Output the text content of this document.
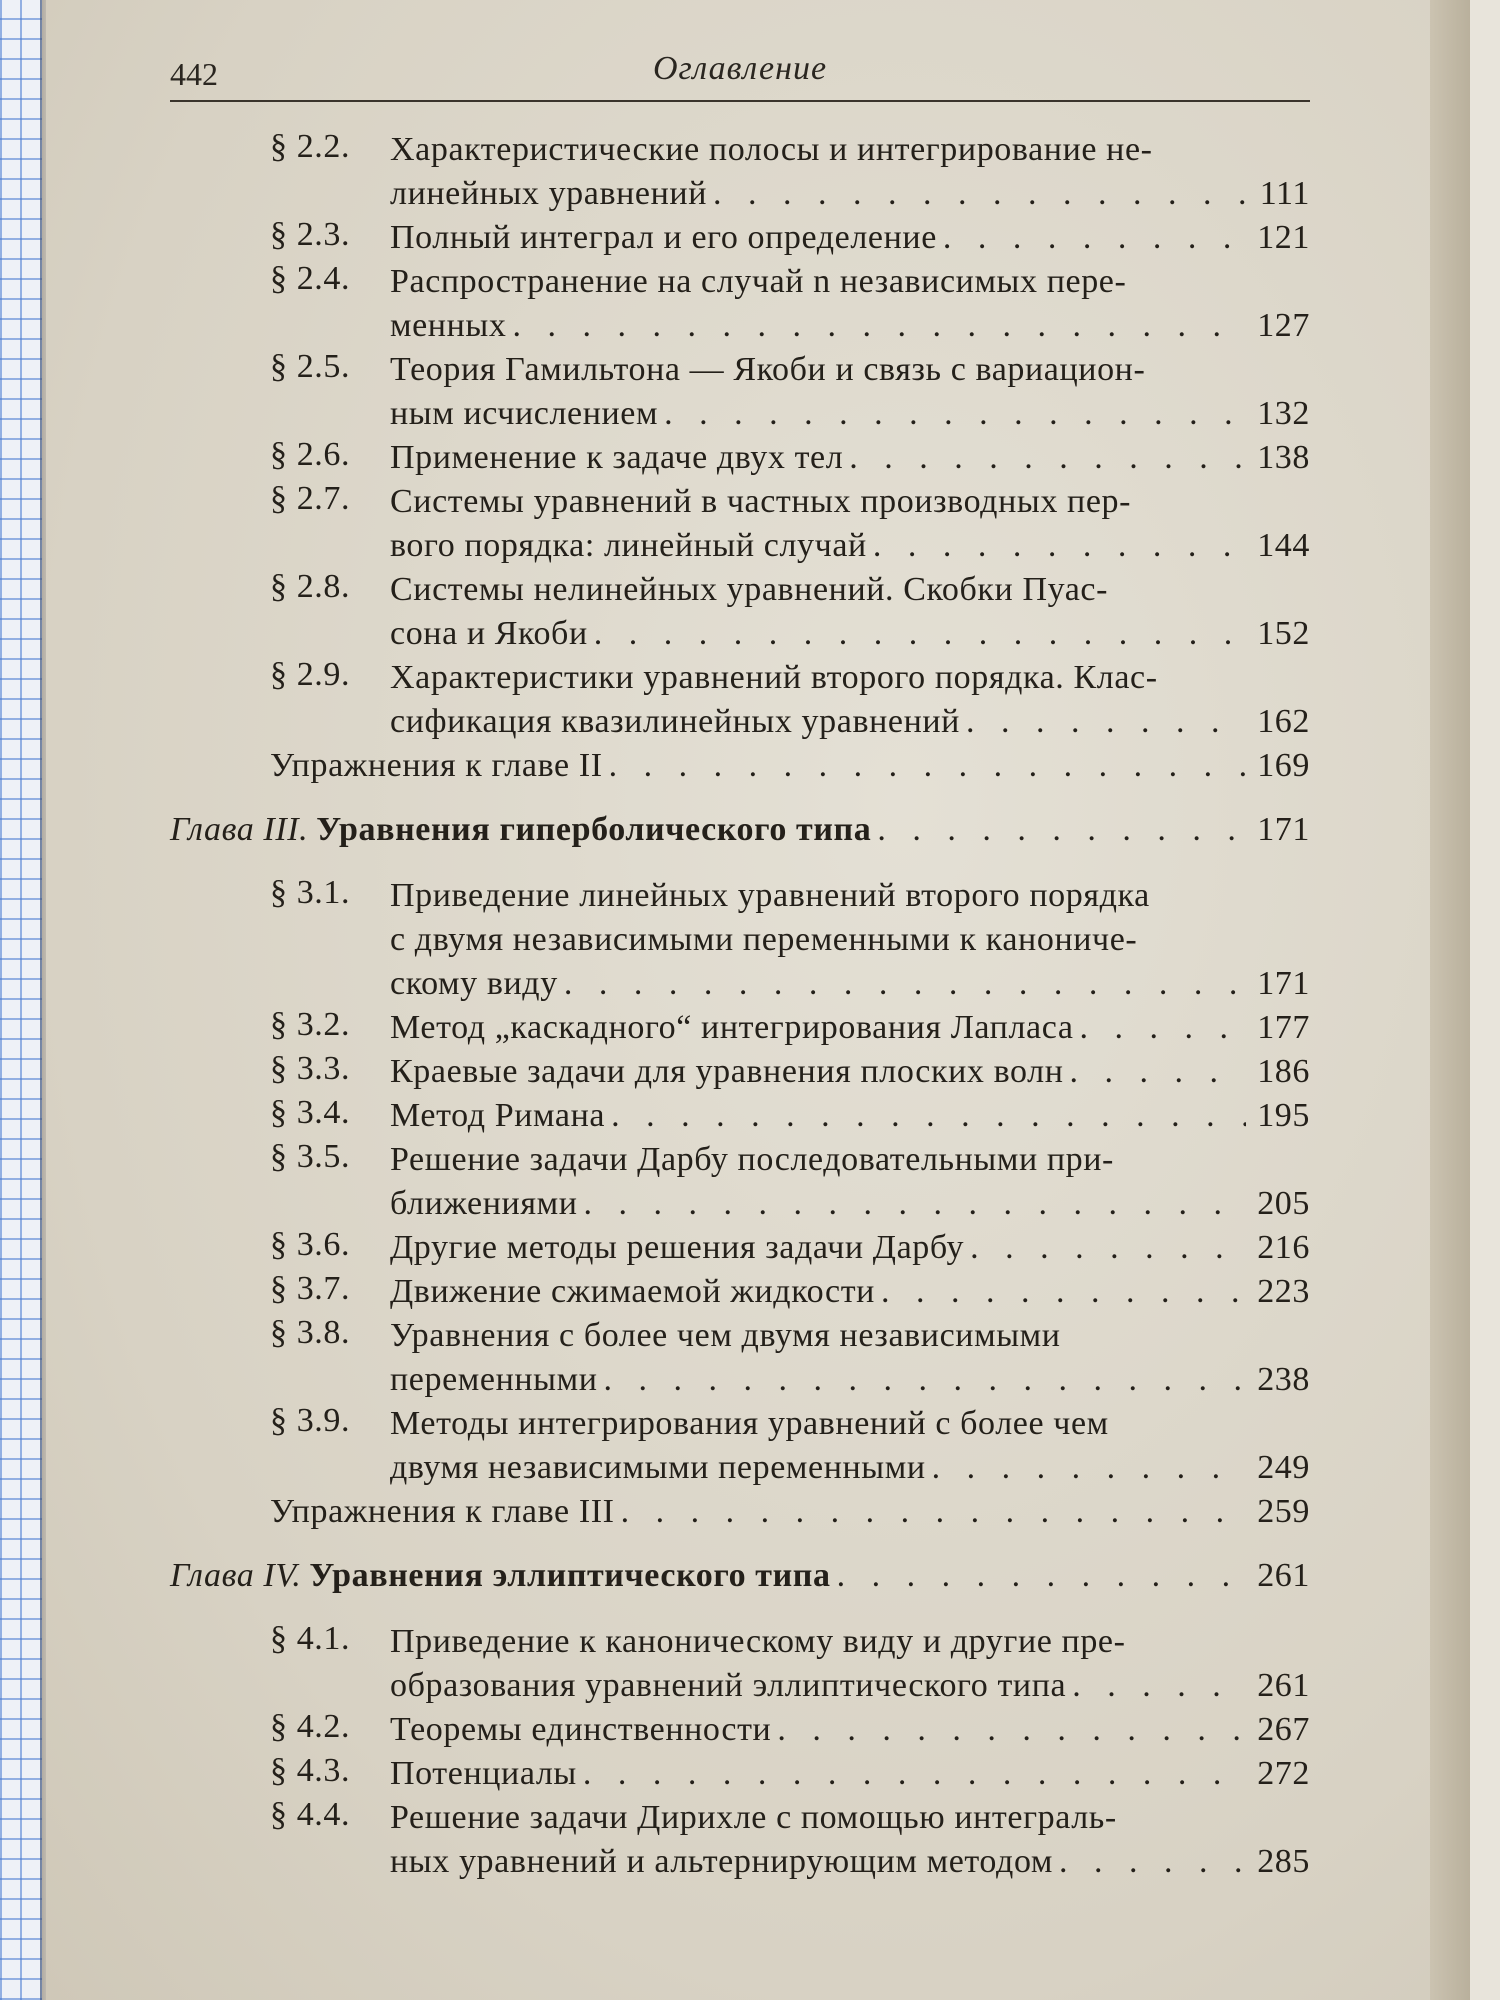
442	Оглавление
§ 2.2.	Характеристические полосы и интегрирование не-
линейных уравнений . . .	111
§ 2.3.	Полный интеграл и его определение . . .	121
§ 2.4.	Распространение на случай n независимых пере-
менных . . .	127
§ 2.5.	Теория Гамильтона — Якоби и связь с вариацион-
ным исчислением . . .	132
§ 2.6.	Применение к задаче двух тел . . .	138
§ 2.7.	Системы уравнений в частных производных пер-
вого порядка: линейный случай . . .	144
§ 2.8.	Системы нелинейных уравнений. Скобки Пуас-
сона и Якоби . . .	152
§ 2.9.	Характеристики уравнений второго порядка. Клас-
сификация квазилинейных уравнений . . .	162
Упражнения к главе II . . .	169
Глава III. Уравнения гиперболического типа . . .	171
§ 3.1.	Приведение линейных уравнений второго порядка
с двумя независимыми переменными к канониче-
скому виду . . .	171
§ 3.2.	Метод „каскадного“ интегрирования Лапласа . . .	177
§ 3.3.	Краевые задачи для уравнения плоских волн . . .	186
§ 3.4.	Метод Римана . . .	195
§ 3.5.	Решение задачи Дарбу последовательными при-
ближениями . . .	205
§ 3.6.	Другие методы решения задачи Дарбу . . .	216
§ 3.7.	Движение сжимаемой жидкости . . .	223
§ 3.8.	Уравнения с более чем двумя независимыми
переменными . . .	238
§ 3.9.	Методы интегрирования уравнений с более чем
двумя независимыми переменными . . .	249
Упражнения к главе III . . .	259
Глава IV. Уравнения эллиптического типа . . .	261
§ 4.1.	Приведение к каноническому виду и другие пре-
образования уравнений эллиптического типа . . .	261
§ 4.2.	Теоремы единственности . . .	267
§ 4.3.	Потенциалы . . .	272
§ 4.4.	Решение задачи Дирихле с помощью интеграль-
ных уравнений и альтернирующим методом . . .	285
